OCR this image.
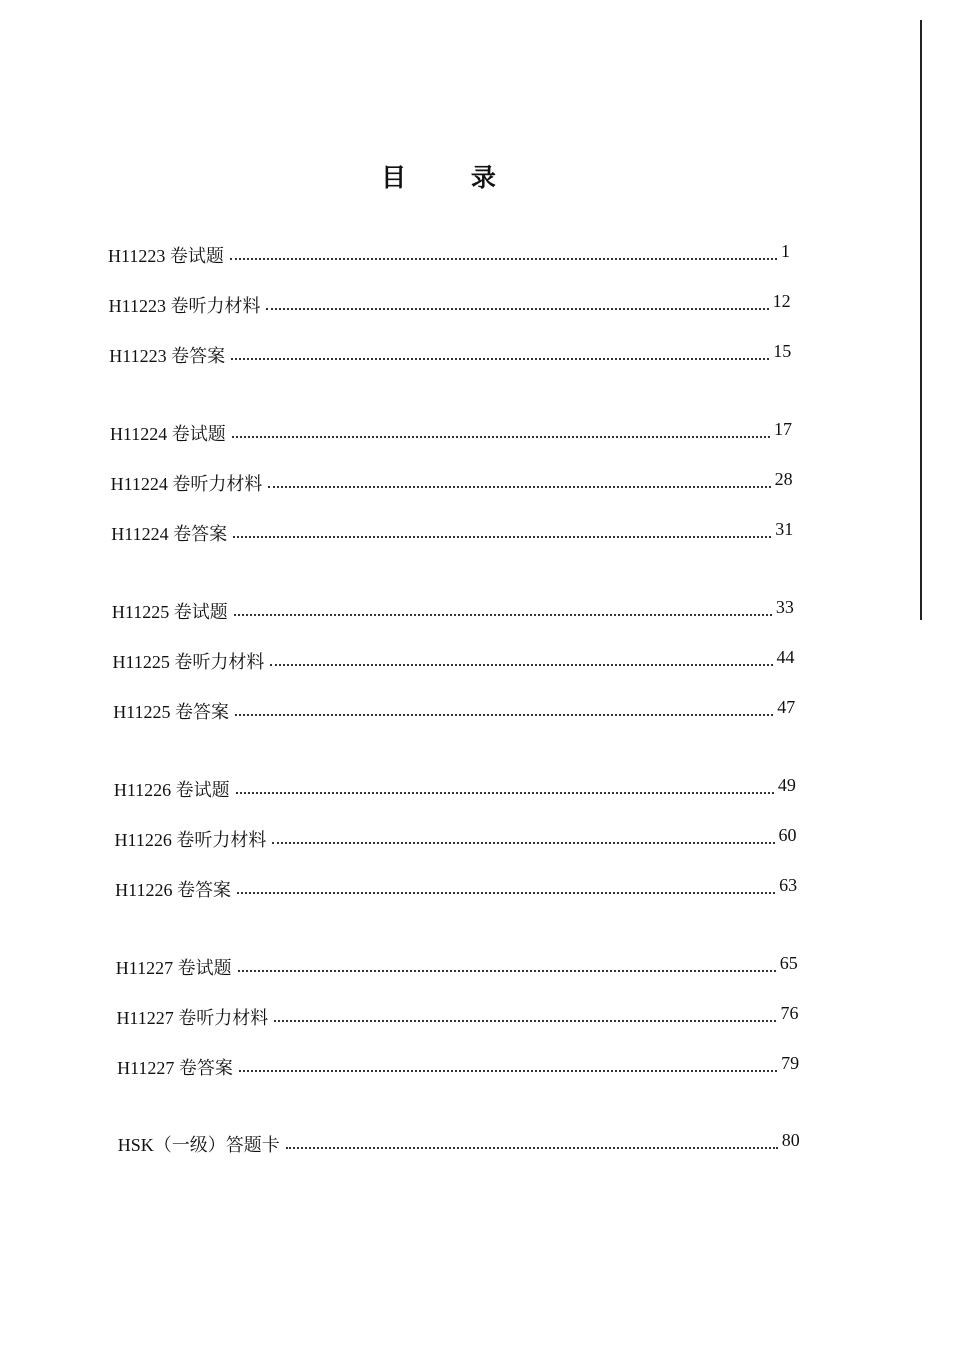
目 录
H11223 卷试题	1
H11223 卷听力材料	12
H11223 卷答案	15
H11224 卷试题	17
H11224 卷听力材料	28
H11224 卷答案	31
H11225 卷试题	33
H11225 卷听力材料	44
H11225 卷答案	47
H11226 卷试题	49
H11226 卷听力材料	60
H11226 卷答案	63
H11227 卷试题	65
H11227 卷听力材料	76
H11227 卷答案	79
HSK（一级）答题卡	80
